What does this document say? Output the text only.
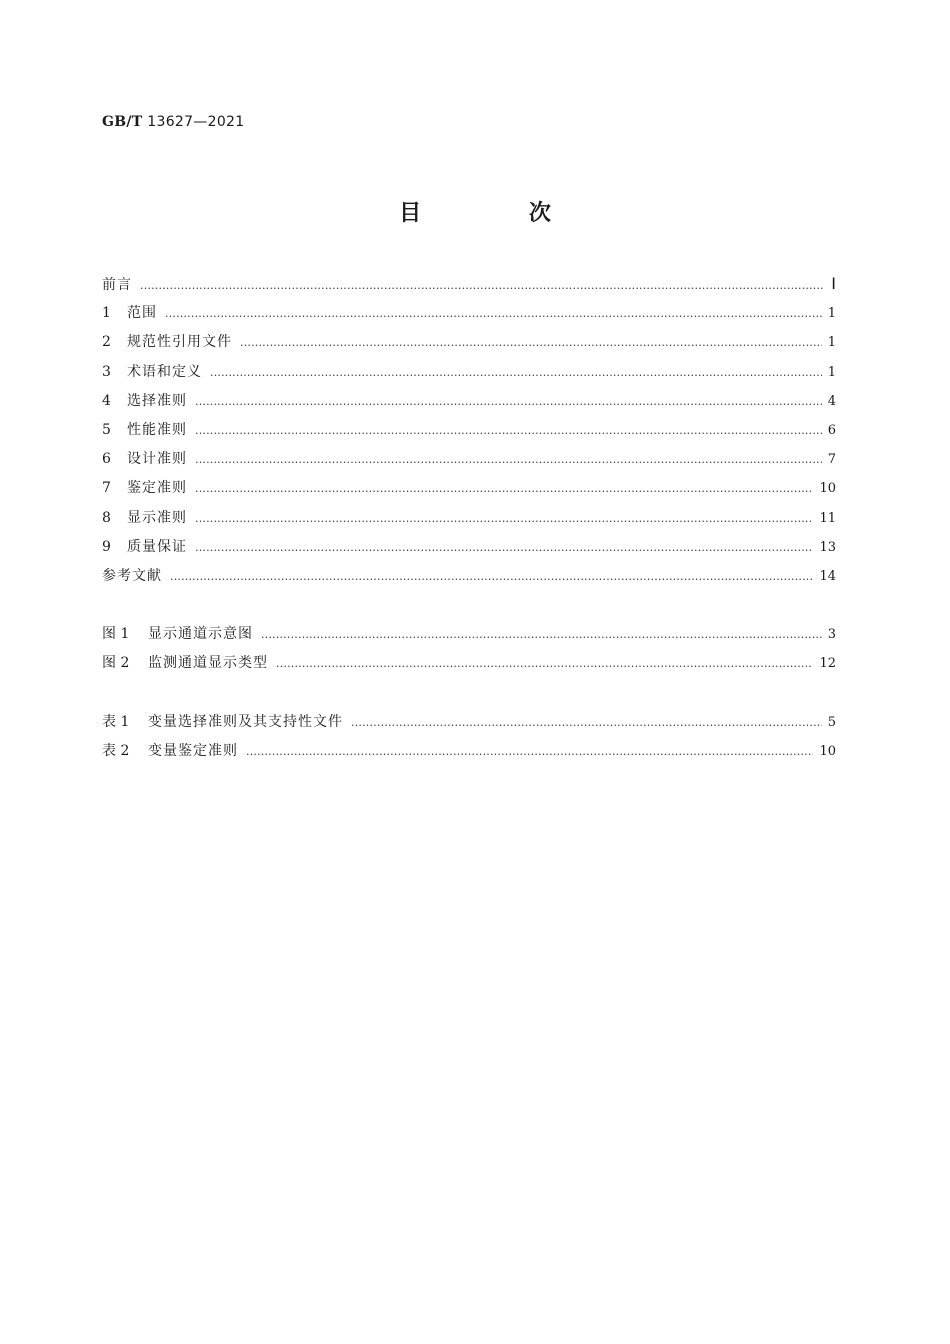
GB/T 13627—2021
目 次
前言 .....	Ⅰ
1	范围 .....	1
2	规范性引用文件 .....	1
3	术语和定义 .....	1
4	选择准则 .....	4
5	性能准则 .....	6
6	设计准则 .....	7
7	鉴定准则 .....	10
8	显示准则 .....	11
9	质量保证 .....	13
参考文献 .....	14
图 1	显示通道示意图 .....	3
图 2	监测通道显示类型 .....	12
表 1	变量选择准则及其支持性文件 .....	5
表 2	变量鉴定准则 .....	10
